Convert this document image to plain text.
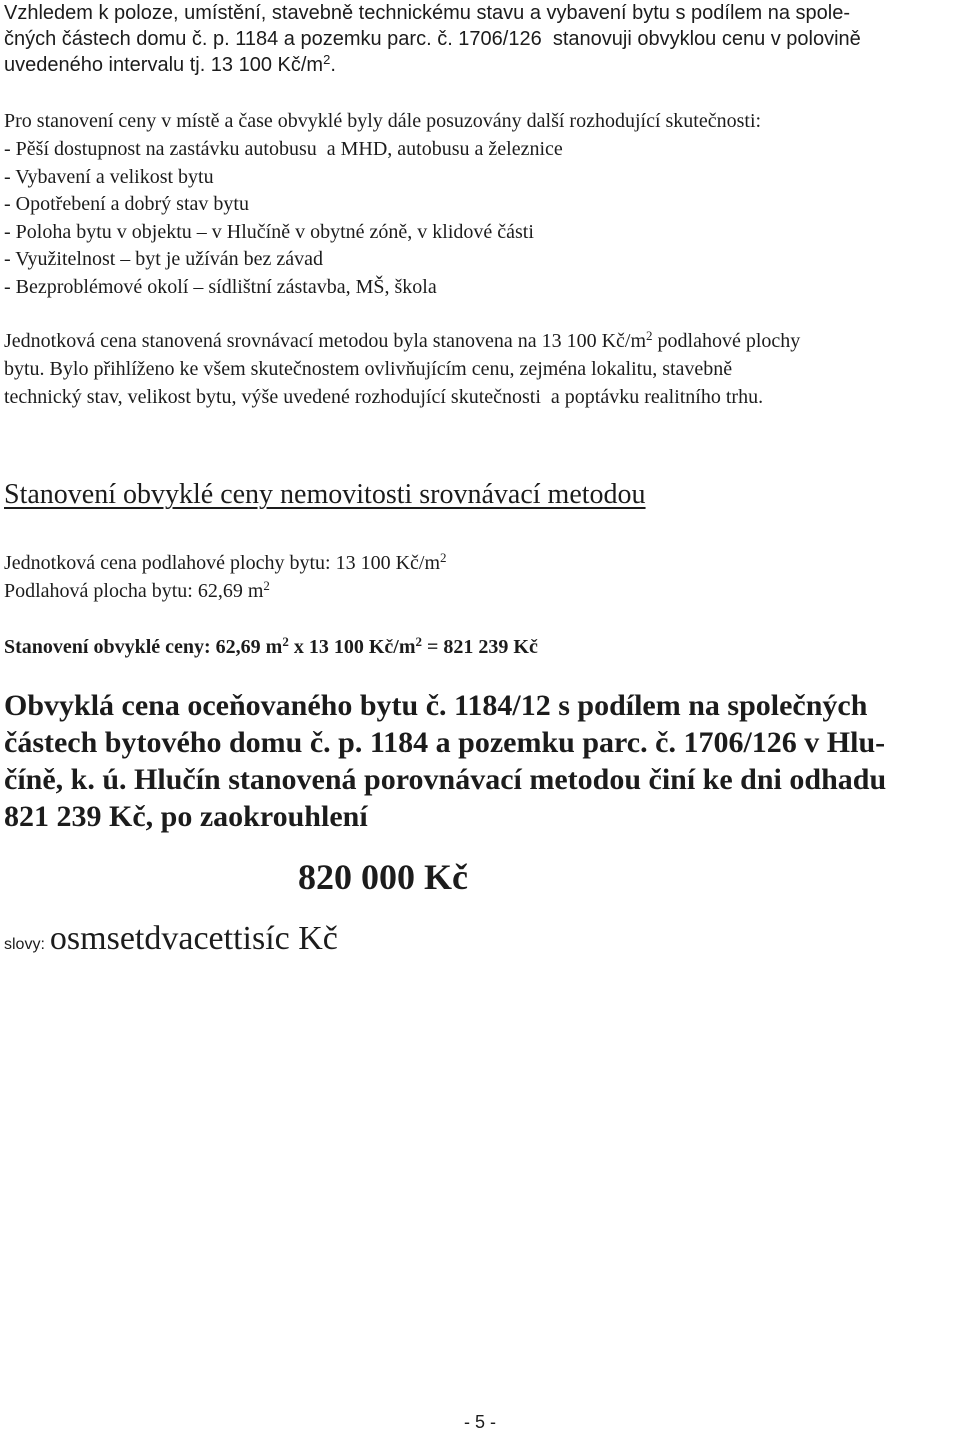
Vzhledem k poloze, umístění, stavebně technickému stavu a vybavení bytu s podílem na spole-
čných částech domu č. p. 1184 a pozemku parc. č. 1706/126  stanovuji obvyklou cenu v polovině
uvedeného intervalu tj. 13 100 $Kč/m^2$.
Pro stanovení ceny v místě a čase obvyklé byly dále posuzovány další rozhodující skutečnosti:
- Pěší dostupnost na zastávku autobusu  a MHD, autobusu a železnice
- Vybavení a velikost bytu
- Opotřebení a dobrý stav bytu
- Poloha bytu v objektu – v Hlučíně v obytné zóně, v klidové části
- Využitelnost – byt je užíván bez závad
- Bezproblémové okolí – sídlištní zástavba, MŠ, škola
Jednotková cena stanovená srovnávací metodou byla stanovena na 13 100 $Kč/m^2$ podlahové plochy
bytu. Bylo přihlíženo ke všem skutečnostem ovlivňujícím cenu, zejména lokalitu, stavebně
technický stav, velikost bytu, výše uvedené rozhodující skutečnosti  a poptávku realitního trhu.
Stanovení obvyklé ceny nemovitosti srovnávací metodou
Jednotková cena podlahové plochy bytu: 13 100 $Kč/m^2$
Podlahová plocha bytu: 62,69 $m^2$
Stanovení obvyklé ceny: 62,69 $m^2$ x 13 100 $Kč/m^2 = 821$ 239 Kč
Obvyklá cena oceňovaného bytu č. 1184/12 s podílem na společných
částech bytového domu č. p. 1184 a pozemku parc. č. 1706/126 v Hlu-
číně, k. ú. Hlučín stanovená porovnávací metodou činí ke dni odhadu
821 239 Kč, po zaokrouhlení
820 000 Kč
slovy: osmsetdvacettisíc Kč
- 5 -
